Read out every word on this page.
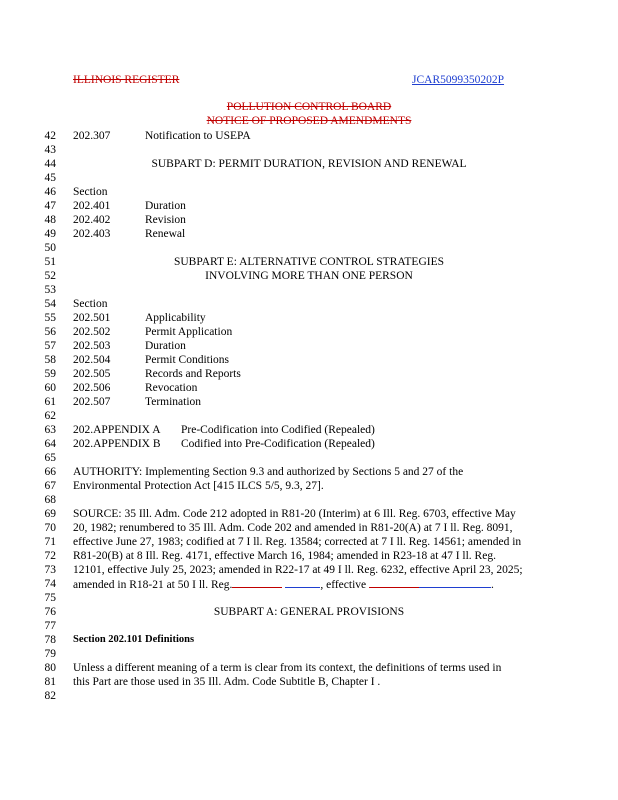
ILLINOIS REGISTER	JCAR5099350202P
POLLUTION CONTROL BOARD
NOTICE OF PROPOSED AMENDMENTS
42 202.307	Notification to USEPA
43
44	SUBPART D: PERMIT DURATION, REVISION AND RENEWAL
45
46 Section
47 202.401	Duration
48 202.402	Revision
49 202.403	Renewal
50
51	SUBPART E: ALTERNATIVE CONTROL STRATEGIES
52	INVOLVING MORE THAN ONE PERSON
53
54 Section
55 202.501	Applicability
56 202.502	Permit Application
57 202.503	Duration
58 202.504	Permit Conditions
59 202.505	Records and Reports
60 202.506	Revocation
61 202.507	Termination
62
63 202.APPENDIX A Pre-Codification into Codified (Repealed)
64 202.APPENDIX B Codified into Pre-Codification (Repealed)
65
66 AUTHORITY: Implementing Section 9.3 and authorized by Sections 5 and 27 of the
67 Environmental Protection Act [415 ILCS 5/5, 9.3, 27].
68
69 SOURCE: 35 Ill. Adm. Code 212 adopted in R81-20 (Interim) at 6 Ill. Reg. 6703, effective May
70 20, 1982; renumbered to 35 Ill. Adm. Code 202 and amended in R81-20(A) at 7 I ll. Reg. 8091,
71 effective June 27, 1983; codified at 7 I ll. Reg. 13584; corrected at 7 I ll. Reg. 14561; amended in
72 R81-20(B) at 8 Ill. Reg. 4171, effective March 16, 1984; amended in R23-18 at 47 I ll. Reg.
73 12101, effective July 25, 2023; amended in R22-17 at 49 I ll. Reg. 6232, effective April 23, 2025;
74 amended in R18-21 at 50 I ll. Reg.	, effective	.
75
76	SUBPART A: GENERAL PROVISIONS
77
78 Section 202.101 Definitions
79
80 Unless a different meaning of a term is clear from its context, the definitions of terms used in
81 this Part are those used in 35 Ill. Adm. Code Subtitle B, Chapter I .
82
